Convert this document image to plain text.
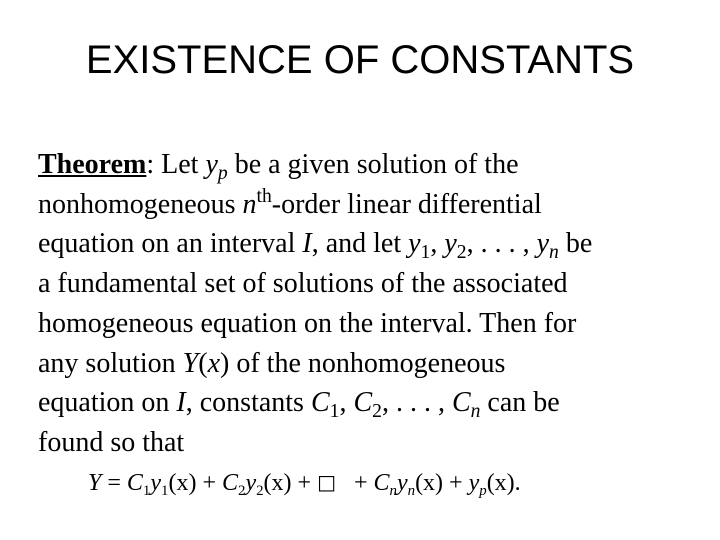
EXISTENCE OF CONSTANTS
Theorem: Let $y_p$ be a given solution of the
nonhomogeneous $n^{th}$-order linear differential
equation on an interval I, and let $y_1$, $y_2$, . . . , $y_n$ be
a fundamental set of solutions of the associated
homogeneous equation on the interval. Then for
any solution Y(x) of the nonhomogeneous
equation on I, constants $C_1$, $C_2$, . . . , $C_n$ can be
found so that
$Y = C_1y_1(x) + C_2y_2(x)$ + □   + $C_ny_n(x) + y_p(x)$.
